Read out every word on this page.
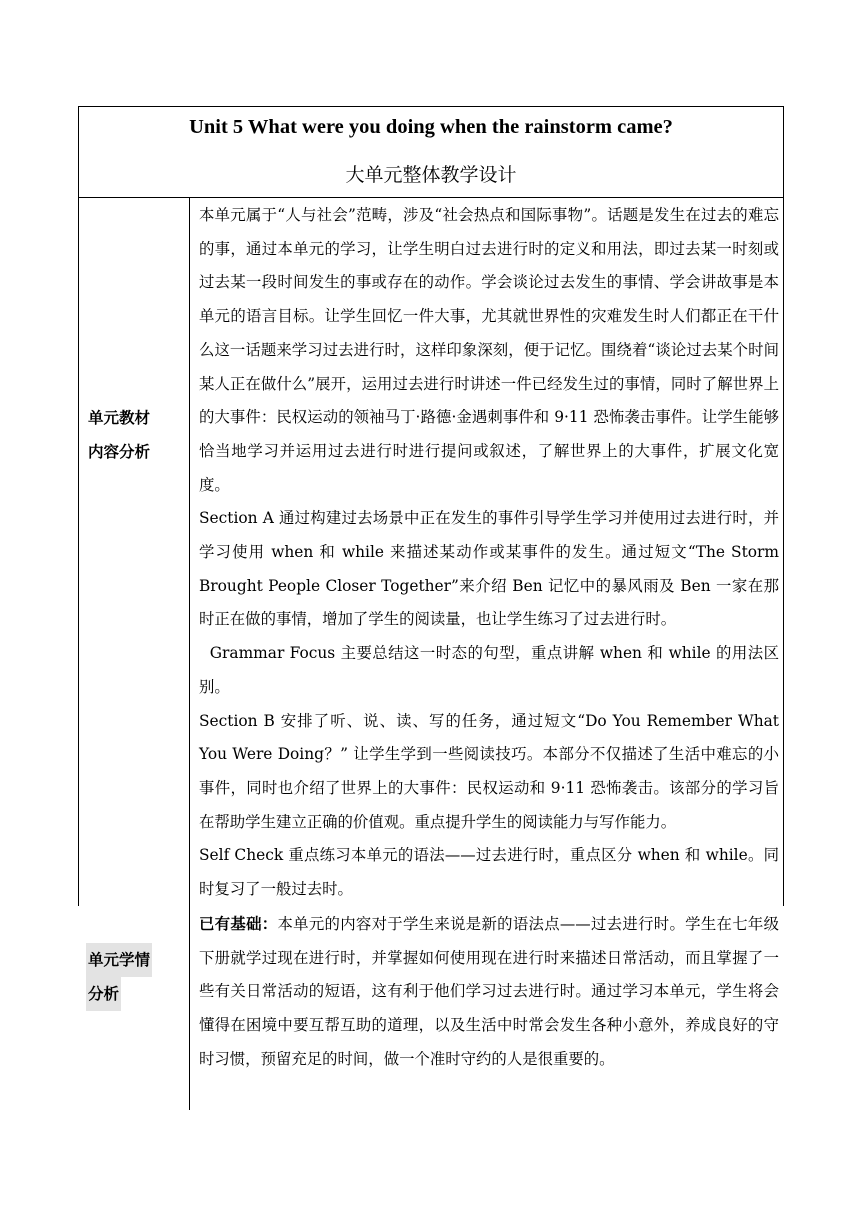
Unit 5 What were you doing when the rainstorm came?
大单元整体教学设计
单元教材
内容分析

本单元属于“人与社会”范畴，涉及“社会热点和国际事物”。话题是发生在过去的难忘的事，通过本单元的学习，让学生明白过去进行时的定义和用法，即过去某一时刻或过去某一段时间发生的事或存在的动作。学会谈论过去发生的事情、学会讲故事是本单元的语言目标。让学生回忆一件大事，尤其就世界性的灾难发生时人们都正在干什么这一话题来学习过去进行时，这样印象深刻，便于记忆。围绕着“谈论过去某个时间某人正在做什么”展开，运用过去进行时讲述一件已经发生过的事情，同时了解世界上的大事件：民权运动的领袖马丁·路德·金遇刺事件和 9·11 恐怖袭击事件。让学生能够恰当地学习并运用过去进行时进行提问或叙述，了解世界上的大事件，扩展文化宽度。

Section A 通过构建过去场景中正在发生的事件引导学生学习并使用过去进行时，并学习使用 when 和 while 来描述某动作或某事件的发生。通过短文“The Storm Brought People Closer Together”来介绍 Ben 记忆中的暴风雨及 Ben 一家在那时正在做的事情，增加了学生的阅读量，也让学生练习了过去进行时。

Grammar Focus 主要总结这一时态的句型，重点讲解 when 和 while 的用法区别。

Section B 安排了听、说、读、写的任务，通过短文“Do You Remember What You Were Doing？” 让学生学到一些阅读技巧。本部分不仅描述了生活中难忘的小事件，同时也介绍了世界上的大事件：民权运动和 9·11 恐怖袭击。该部分的学习旨在帮助学生建立正确的价值观。重点提升学生的阅读能力与写作能力。

Self Check 重点练习本单元的语法——过去进行时，重点区分 when 和 while。同时复习了一般过去时。

单元学情
分析

已有基础：本单元的内容对于学生来说是新的语法点——过去进行时。学生在七年级下册就学过现在进行时，并掌握如何使用现在进行时来描述日常活动，而且掌握了一些有关日常活动的短语，这有利于他们学习过去进行时。通过学习本单元，学生将会懂得在困境中要互帮互助的道理，以及生活中时常会发生各种小意外，养成良好的守时习惯，预留充足的时间，做一个准时守约的人是很重要的。
